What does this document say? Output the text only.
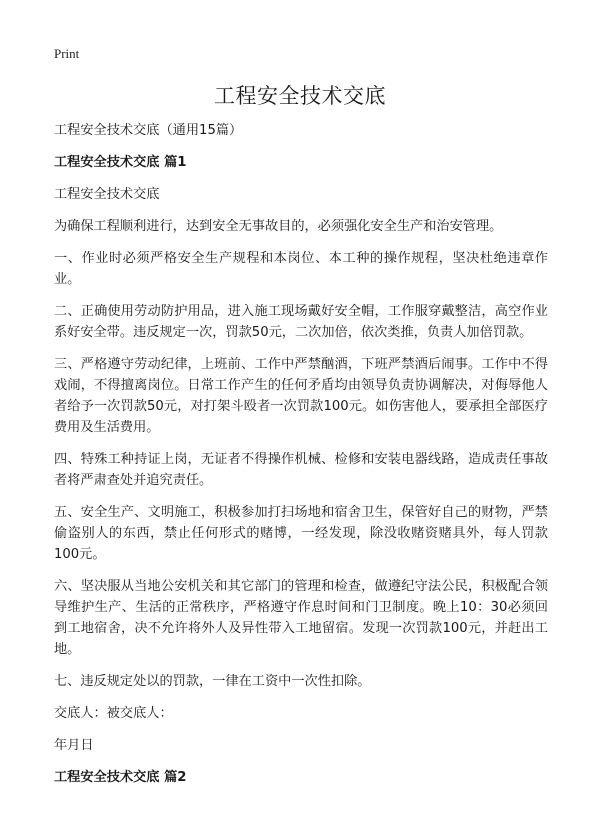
Print
工程安全技术交底

工程安全技术交底（通用15篇）

工程安全技术交底 篇1

工程安全技术交底

为确保工程顺利进行，达到安全无事故目的，必须强化安全生产和治安管理。

一、作业时必须严格安全生产规程和本岗位、本工种的操作规程，坚决杜绝违章作业。

二、正确使用劳动防护用品，进入施工现场戴好安全帽，工作服穿戴整洁，高空作业系好安全带。违反规定一次，罚款50元，二次加倍，依次类推，负责人加倍罚款。

三、严格遵守劳动纪律，上班前、工作中严禁酗酒，下班严禁酒后闹事。工作中不得戏闹，不得擅离岗位。日常工作产生的任何矛盾均由领导负责协调解决，对侮辱他人者给予一次罚款50元，对打架斗殴者一次罚款100元。如伤害他人，要承担全部医疗费用及生活费用。

四、特殊工种持证上岗，无证者不得操作机械、检修和安装电器线路，造成责任事故者将严肃查处并追究责任。

五、安全生产、文明施工，积极参加打扫场地和宿舍卫生，保管好自己的财物，严禁偷盗别人的东西，禁止任何形式的赌博，一经发现，除没收赌资赌具外，每人罚款100元。

六、坚决服从当地公安机关和其它部门的管理和检查，做遵纪守法公民，积极配合领导维护生产、生活的正常秩序，严格遵守作息时间和门卫制度。晚上10：30必须回到工地宿舍，决不允许将外人及异性带入工地留宿。发现一次罚款100元，并赶出工地。

七、违反规定处以的罚款，一律在工资中一次性扣除。

交底人：被交底人：

年月日

工程安全技术交底 篇2
